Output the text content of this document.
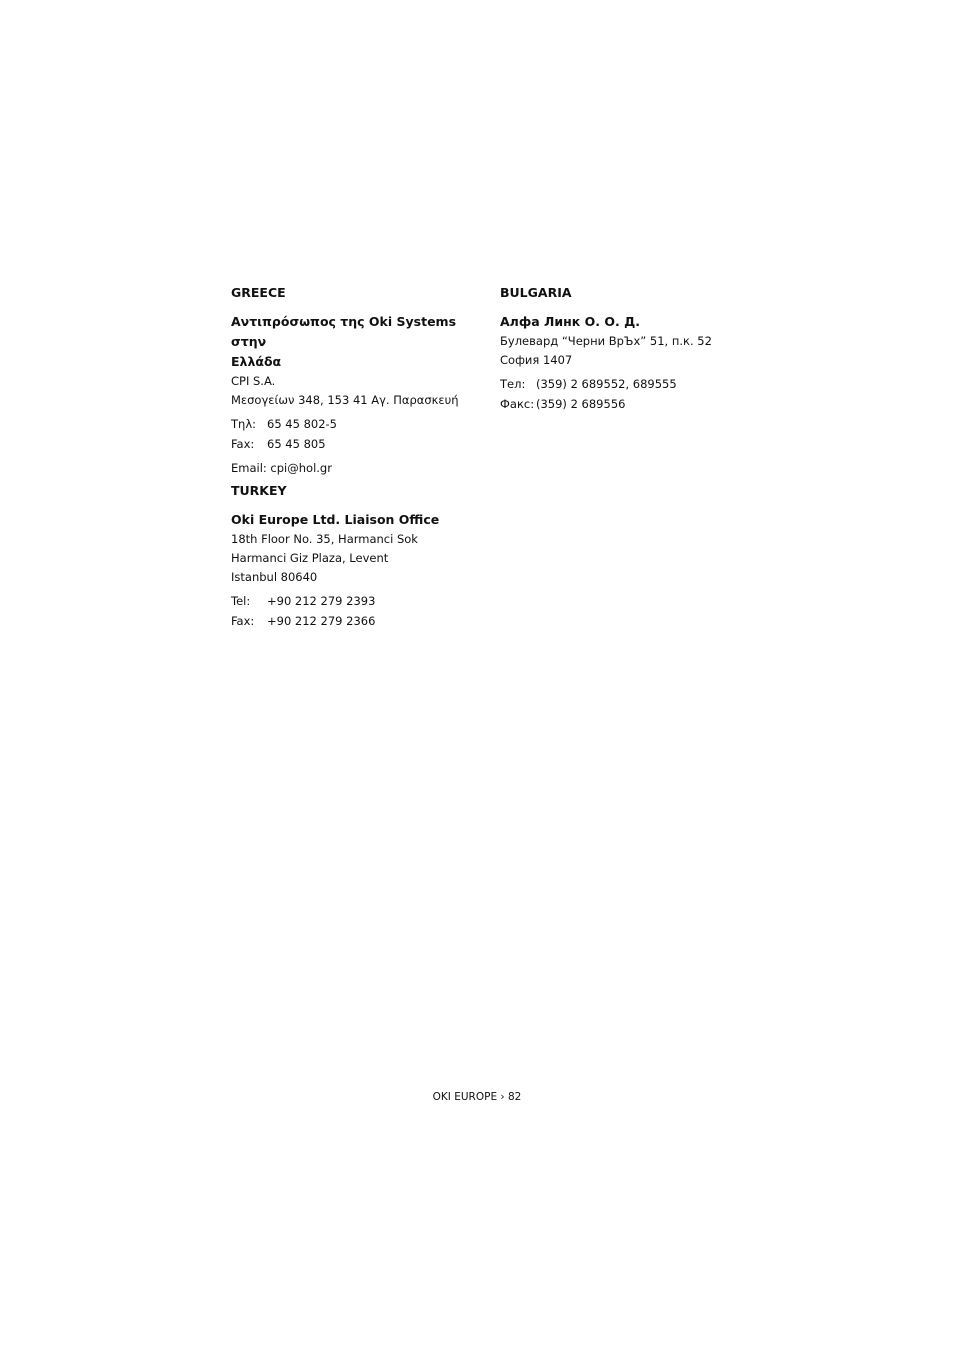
GREECE

Αντιπρόσωπος της Oki Systems στην

Ελλάδα

CPI S.A.

Μεσογείων 348, 153 41 Αγ. Παρασκευή

Τηλ: 65 45 802-5
Fax:	65 45 805

Email: cpi@hol.gr

TURKEY

Oki Europe Ltd. Liaison Office

18th Floor No. 35, Harmanci Sok

Harmanci Giz Plaza, Levent

Istanbul 80640

Tel:	+90 212 279 2393
Fax:	+90 212 279 2366

BULGARIA

Алфа Линк О. О. Д.

Булевард “Черни ВрЪх” 51, п.к. 52

София 1407

Тел: (359) 2 689552, 689555
Факс: (359) 2 689556
OKI EUROPE › 82
